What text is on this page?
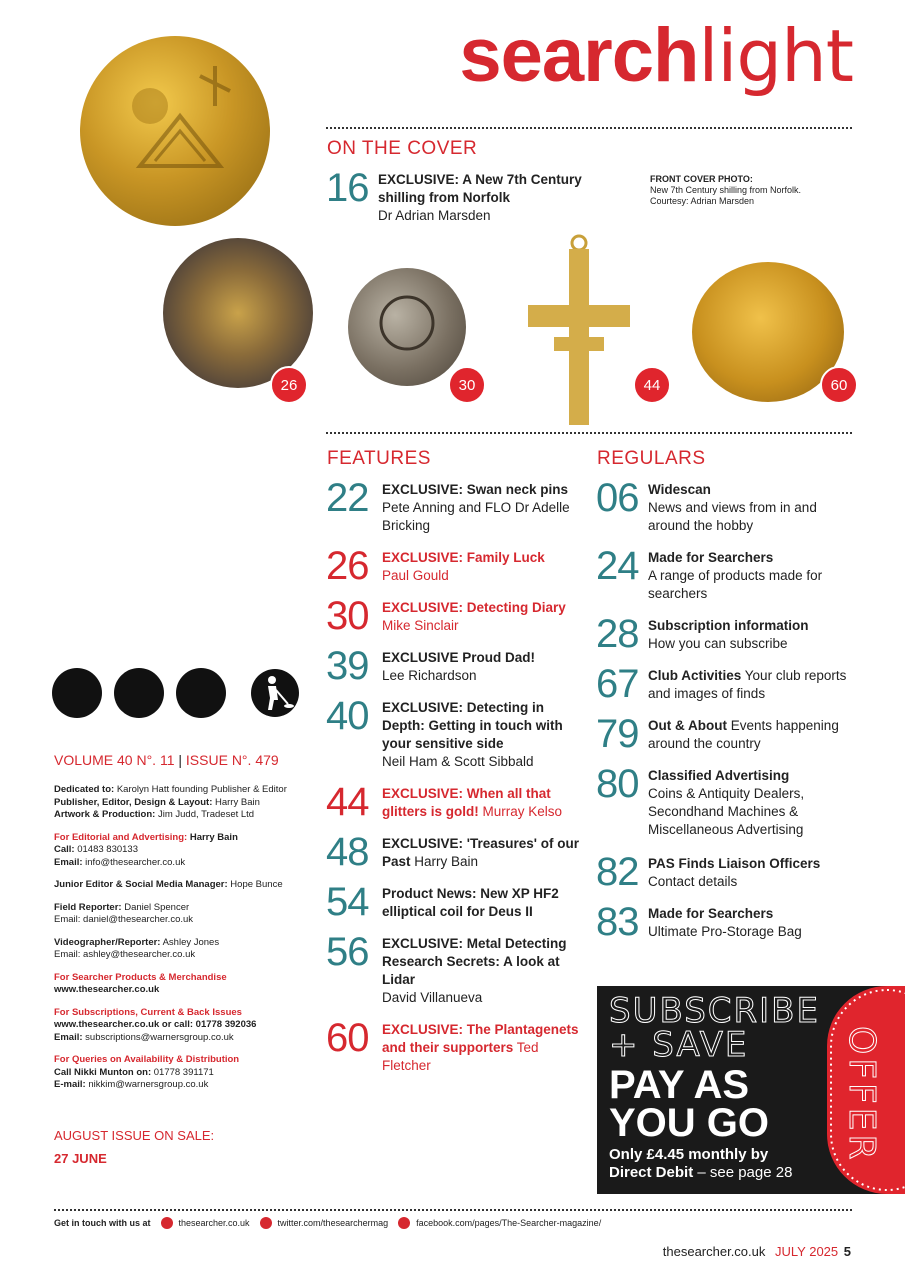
searchlight
ON THE COVER
16 EXCLUSIVE: A New 7th Century shilling from Norfolk
Dr Adrian Marsden
FRONT COVER PHOTO:
New 7th Century shilling from Norfolk.
Courtesy: Adrian Marsden
26	30	44	60
FEATURES
22	EXCLUSIVE: Swan neck pins Pete Anning and FLO Dr Adelle Bricking
26	EXCLUSIVE: Family Luck
Paul Gould
30	EXCLUSIVE: Detecting Diary Mike Sinclair
39	EXCLUSIVE Proud Dad!
Lee Richardson
40	EXCLUSIVE: Detecting in Depth: Getting in touch with your sensitive side
Neil Ham & Scott Sibbald
44	EXCLUSIVE: When all that glitters is gold! Murray Kelso
48	EXCLUSIVE: 'Treasures' of our Past Harry Bain
54	Product News: New XP HF2 elliptical coil for Deus II
56	EXCLUSIVE: Metal Detecting Research Secrets: A look at Lidar
David Villanueva
60	EXCLUSIVE: The Plantagenets and their supporters Ted Fletcher
REGULARS
06 Widescan
News and views from in and around the hobby
24 Made for Searchers
A range of products made for searchers
28 Subscription information
How you can subscribe
67 Club Activities Your club reports and images of finds
79 Out & About Events happening around the country
80 Classified Advertising
Coins & Antiquity Dealers, Secondhand Machines & Miscellaneous Advertising
82 PAS Finds Liaison Officers
Contact details
83 Made for Searchers
Ultimate Pro-Storage Bag
VOLUME 40 N°. 11 | ISSUE N°. 479
Dedicated to: Karolyn Hatt founding Publisher & Editor
Publisher, Editor, Design & Layout: Harry Bain
Artwork & Production: Jim Judd, Tradeset Ltd
For Editorial and Advertising: Harry Bain
Call: 01483 830133
Email: info@thesearcher.co.uk
Junior Editor & Social Media Manager: Hope Bunce
Field Reporter: Daniel Spencer
Email: daniel@thesearcher.co.uk
Videographer/Reporter: Ashley Jones
Email: ashley@thesearcher.co.uk
For Searcher Products & Merchandise
www.thesearcher.co.uk
For Subscriptions, Current & Back Issues
www.thesearcher.co.uk or call: 01778 392036
Email: subscriptions@warnersgroup.co.uk
For Queries on Availability & Distribution
Call Nikki Munton on: 01778 391171
E-mail: nikkim@warnersgroup.co.uk
AUGUST ISSUE ON SALE:
27 JUNE	OFFER
SUBSCRIBE
+ SAVE
PAY AS
YOU GO
Only £4.45 monthly by
Direct Debit – see page 28
Get in touch with us at	thesearcher.co.uk	twitter.com/thesearchermag	facebook.com/pages/The-Searcher-magazine/
thesearcher.co.uk JULY 2025 5
